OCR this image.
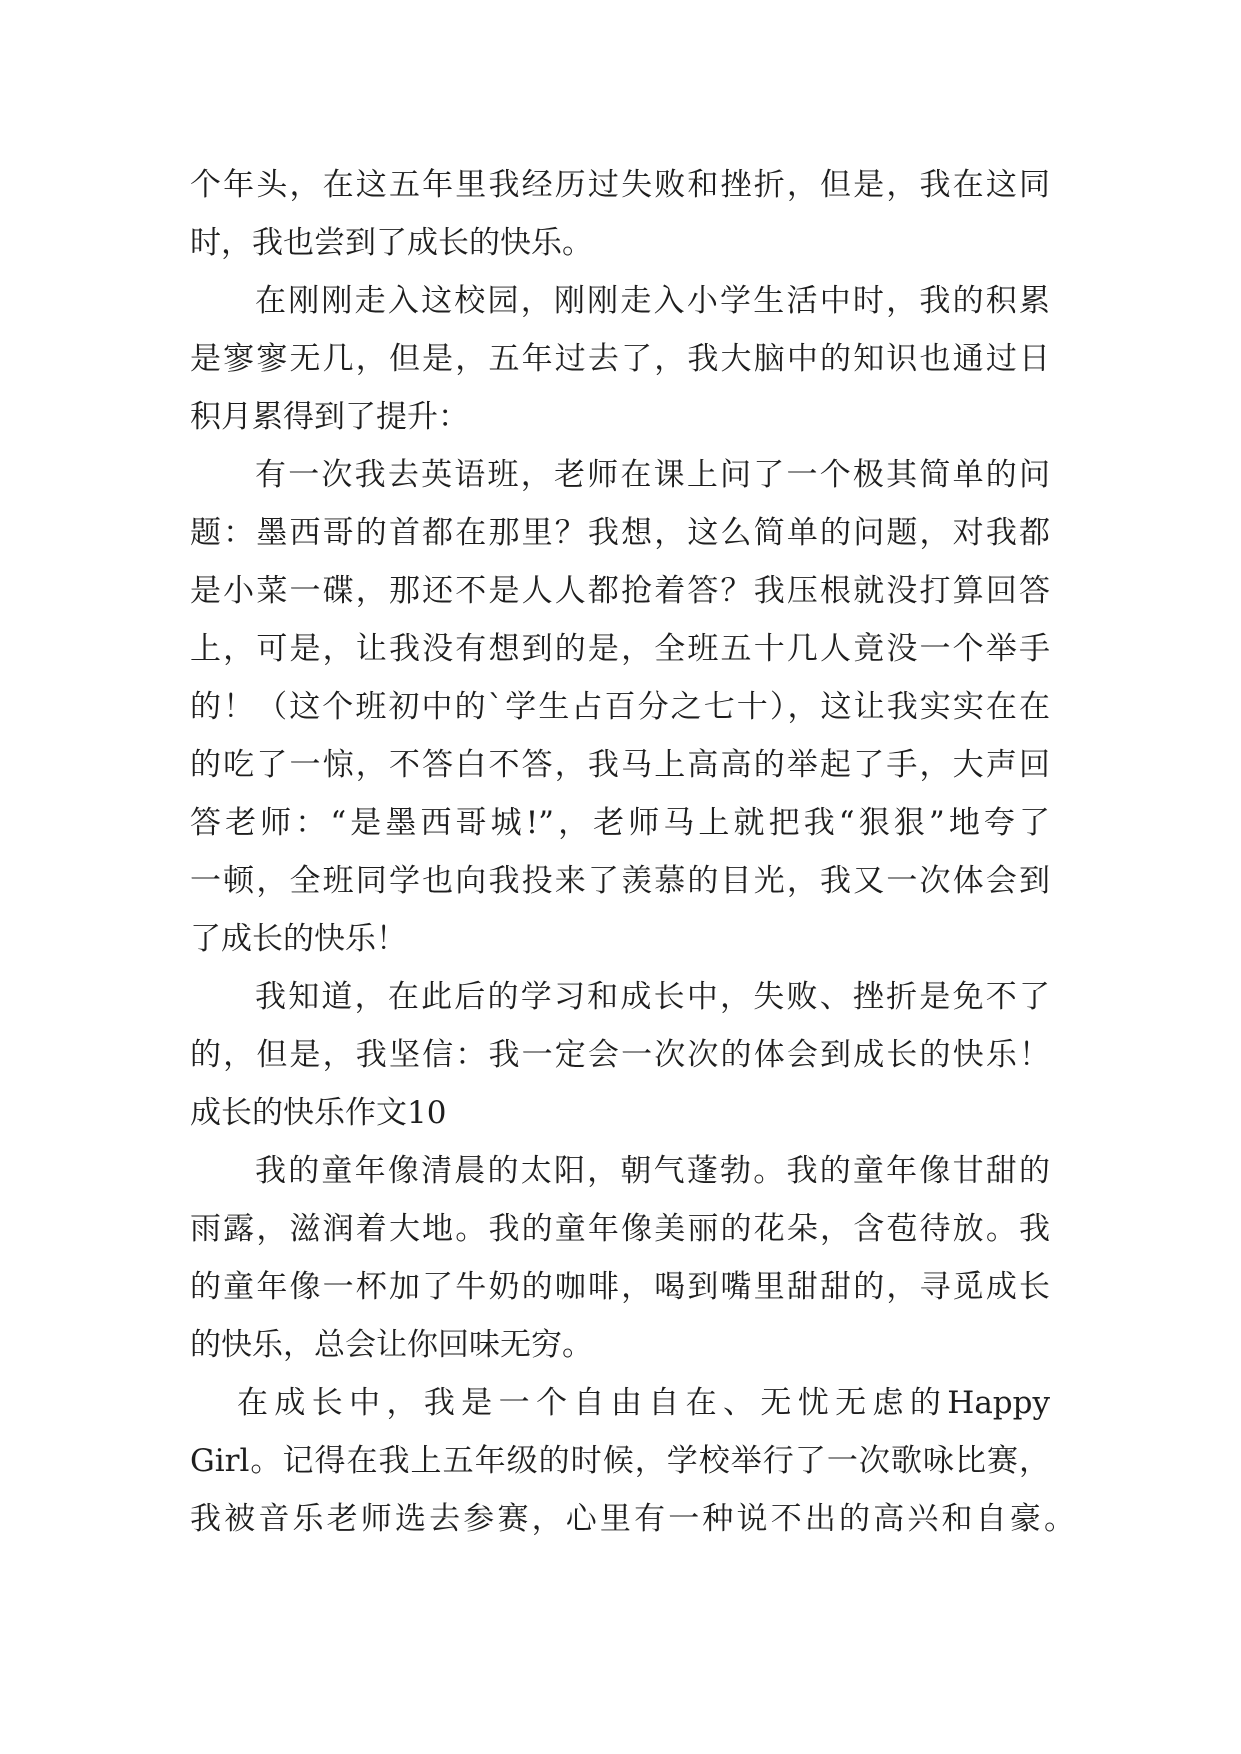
个年头，在这五年里我经历过失败和挫折，但是，我在这同
时，我也尝到了成长的快乐。
在刚刚走入这校园，刚刚走入小学生活中时，我的积累
是寥寥无几，但是，五年过去了，我大脑中的知识也通过日
积月累得到了提升：
有一次我去英语班，老师在课上问了一个极其简单的问
题：墨西哥的首都在那里？我想，这么简单的问题，对我都
是小菜一碟，那还不是人人都抢着答？我压根就没打算回答
上，可是，让我没有想到的是，全班五十几人竟没一个举手
的！（这个班初中的`学生占百分之七十），这让我实实在在
的吃了一惊，不答白不答，我马上高高的举起了手，大声回
答老师：“是墨西哥城!”，老师马上就把我“狠狠”地夸了
一顿，全班同学也向我投来了羡慕的目光，我又一次体会到
了成长的快乐！
我知道，在此后的学习和成长中，失败、挫折是免不了
的，但是，我坚信：我一定会一次次的体会到成长的快乐！
成长的快乐作文10
我的童年像清晨的太阳，朝气蓬勃。我的童年像甘甜的
雨露，滋润着大地。我的童年像美丽的花朵，含苞待放。我
的童年像一杯加了牛奶的咖啡，喝到嘴里甜甜的，寻觅成长
的快乐，总会让你回味无穷。
在成长中，我是一个自由自在、无忧无虑的Happy
Girl。记得在我上五年级的时候，学校举行了一次歌咏比赛，
我被音乐老师选去参赛，心里有一种说不出的高兴和自豪。
